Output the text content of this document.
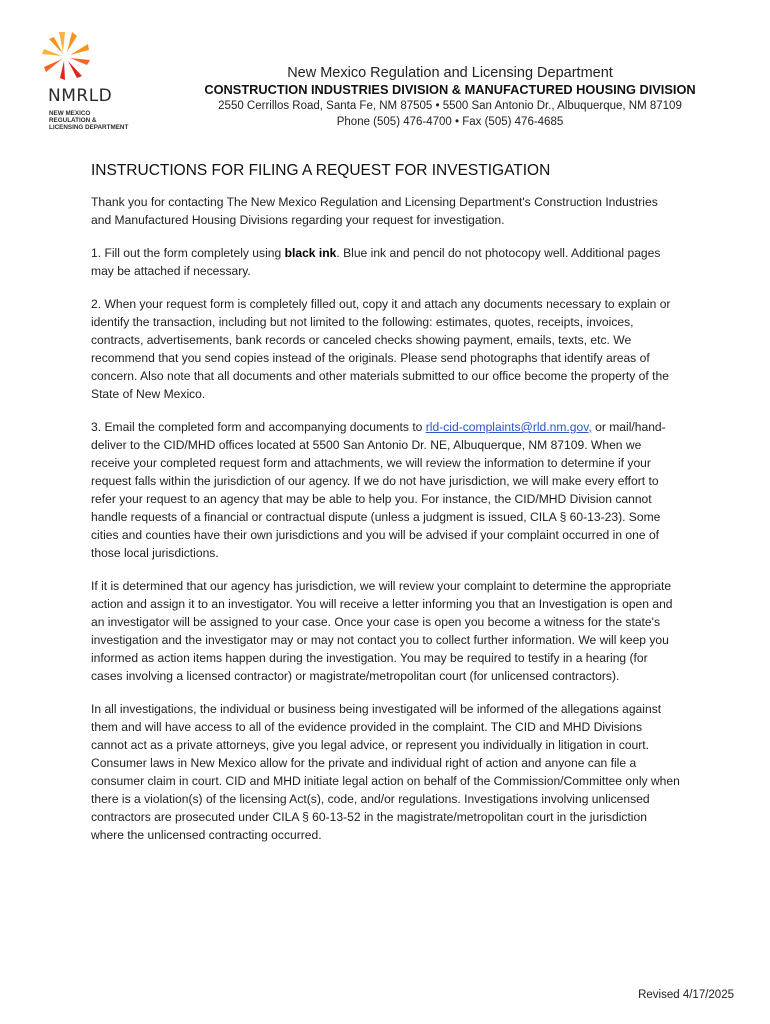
NMRLD
NEW MEXICO
REGULATION &
LICENSING DEPARTMENT
New Mexico Regulation and Licensing Department
CONSTRUCTION INDUSTRIES DIVISION & MANUFACTURED HOUSING DIVISION
2550 Cerrillos Road, Santa Fe, NM 87505 • 5500 San Antonio Dr., Albuquerque, NM 87109
Phone (505) 476-4700 • Fax (505) 476-4685
INSTRUCTIONS FOR FILING A REQUEST FOR INVESTIGATION

Thank you for contacting The New Mexico Regulation and Licensing Department's Construction Industries and Manufactured Housing Divisions regarding your request for investigation.

1. Fill out the form completely using black ink. Blue ink and pencil do not photocopy well. Additional pages may be attached if necessary.

2. When your request form is completely filled out, copy it and attach any documents necessary to explain or identify the transaction, including but not limited to the following: estimates, quotes, receipts, invoices, contracts, advertisements, bank records or canceled checks showing payment, emails, texts, etc. We recommend that you send copies instead of the originals. Please send photographs that identify areas of concern. Also note that all documents and other materials submitted to our office become the property of the State of New Mexico.

3. Email the completed form and accompanying documents to rld-cid-complaints@rld.nm.gov, or mail/hand-deliver to the CID/MHD offices located at 5500 San Antonio Dr. NE, Albuquerque, NM 87109. When we receive your completed request form and attachments, we will review the information to determine if your request falls within the jurisdiction of our agency. If we do not have jurisdiction, we will make every effort to refer your request to an agency that may be able to help you. For instance, the CID/MHD Division cannot handle requests of a financial or contractual dispute (unless a judgment is issued, CILA § 60-13-23). Some cities and counties have their own jurisdictions and you will be advised if your complaint occurred in one of those local jurisdictions.

If it is determined that our agency has jurisdiction, we will review your complaint to determine the appropriate action and assign it to an investigator. You will receive a letter informing you that an Investigation is open and an investigator will be assigned to your case. Once your case is open you become a witness for the state's investigation and the investigator may or may not contact you to collect further information. We will keep you informed as action items happen during the investigation. You may be required to testify in a hearing (for cases involving a licensed contractor) or magistrate/metropolitan court (for unlicensed contractors).

In all investigations, the individual or business being investigated will be informed of the allegations against them and will have access to all of the evidence provided in the complaint. The CID and MHD Divisions cannot act as a private attorneys, give you legal advice, or represent you individually in litigation in court. Consumer laws in New Mexico allow for the private and individual right of action and anyone can file a consumer claim in court. CID and MHD initiate legal action on behalf of the Commission/Committee only when there is a violation(s) of the licensing Act(s), code, and/or regulations. Investigations involving unlicensed contractors are prosecuted under CILA § 60-13-52 in the magistrate/metropolitan court in the jurisdiction where the unlicensed contracting occurred.

Revised 4/17/2025
